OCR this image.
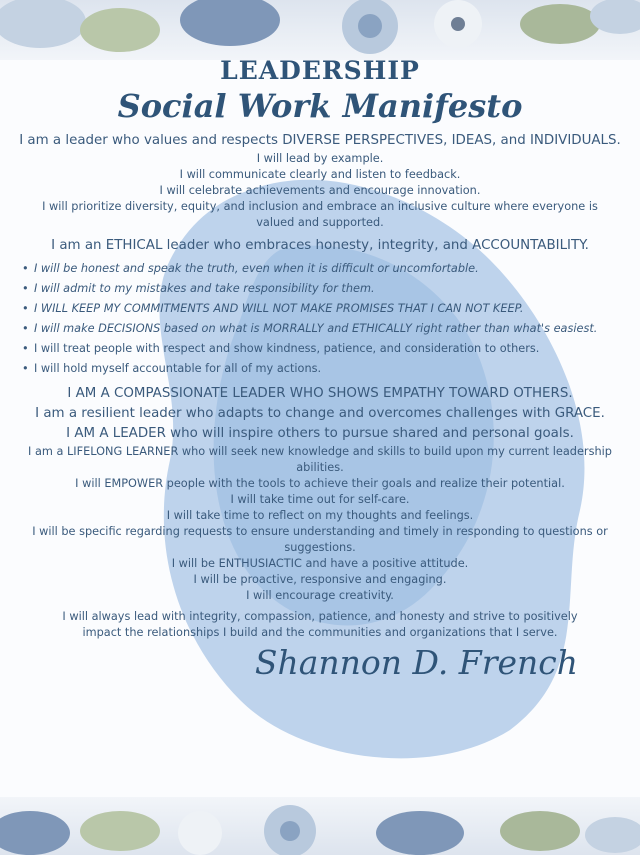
LEADERSHIP
Social Work Manifesto

I am a leader who values and respects DIVERSE PERSPECTIVES, IDEAS, and INDIVIDUALS.

I will lead by example.

I will communicate clearly and listen to feedback.

I will celebrate achievements and encourage innovation.

I will prioritize diversity, equity, and inclusion and embrace an inclusive culture where everyone is

valued and supported.

I am an ETHICAL leader who embraces honesty, integrity, and ACCOUNTABILITY.

• I will be honest and speak the truth, even when it is difficult or uncomfortable.
• I will admit to my mistakes and take responsibility for them.
• I WILL KEEP MY COMMITMENTS AND WILL NOT MAKE PROMISES THAT I CAN NOT KEEP.
• I will make DECISIONS based on what is MORRALLY and ETHICALLY right rather than what's easiest.
• I will treat people with respect and show kindness, patience, and consideration to others.
• I will hold myself accountable for all of my actions.

I AM A COMPASSIONATE LEADER WHO SHOWS EMPATHY TOWARD OTHERS.

I am a resilient leader who adapts to change and overcomes challenges with GRACE.

I AM A LEADER who will inspire others to pursue shared and personal goals.

I am a LIFELONG LEARNER who will seek new knowledge and skills to build upon my current leadership

abilities.

I will EMPOWER people with the tools to achieve their goals and realize their potential.

I will take time out for self-care.

I will take time to reflect on my thoughts and feelings.

I will be specific regarding requests to ensure understanding and timely in responding to questions or

suggestions.

I will be ENTHUSIACTIC and have a positive attitude.

I will be proactive, responsive and engaging.

I will encourage creativity.

I will always lead with integrity, compassion, patience, and honesty and strive to positively

impact the relationships I build and the communities and organizations that I serve.

Shannon D. French
